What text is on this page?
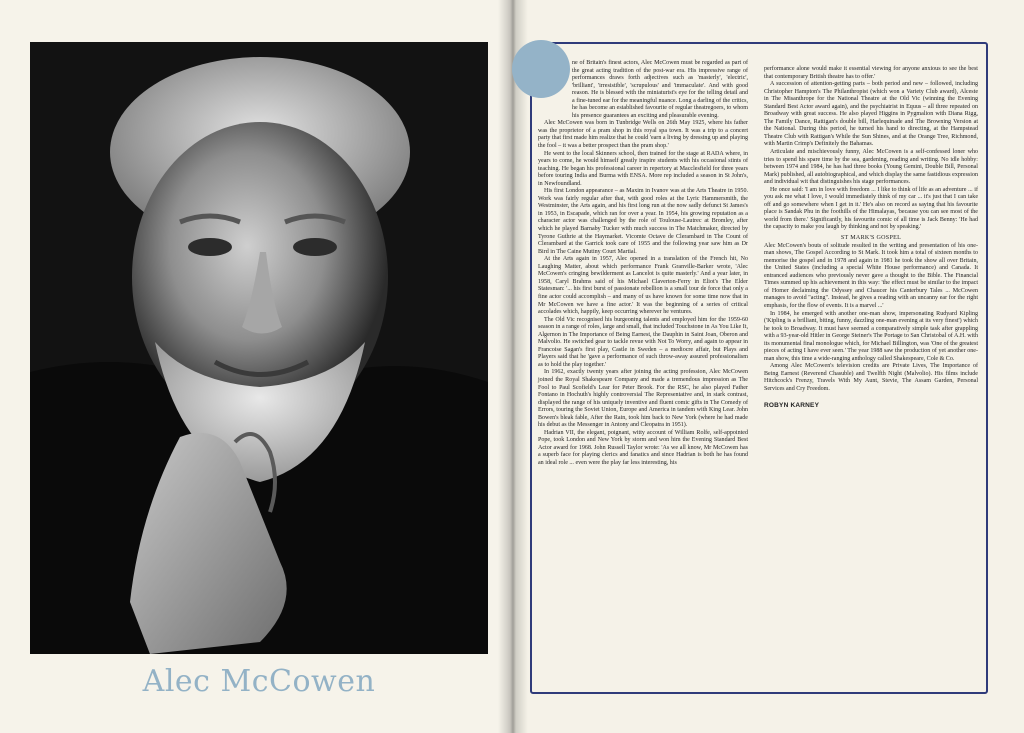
Alec McCowen

ne of Britain's finest actors, Alec McCowen must be regarded as part of the great acting tradition of the post-war era. His impressive range of performances draws forth adjectives such as 'masterly', 'electric', 'brilliant', 'irresistible', 'scrupulous' and 'immaculate'. And with good reason. He is blessed with the miniaturist's eye for the telling detail and a fine-tuned ear for the meaningful nuance. Long a darling of the critics, he has become an established favourite of regular theatregoers, to whom his presence guarantees an exciting and pleasurable evening.

Alec McCowen was born in Tunbridge Wells on 26th May 1925, where his father was the proprietor of a pram shop in this royal spa town. It was a trip to a concert party that first made him realize that he could 'earn a living by dressing up and playing the fool – it was a better prospect than the pram shop.'

He went to the local Skinners school, then trained for the stage at RADA where, in years to come, he would himself greatly inspire students with his occasional stints of teaching. He began his professional career in repertory at Macclesfield for three years before touring India and Burma with ENSA. More rep included a season in St John's, in Newfoundland.

His first London appearance – as Maxim in Ivanov was at the Arts Theatre in 1950. Work was fairly regular after that, with good roles at the Lyric Hammersmith, the Westminster, the Arts again, and his first long run at the now sadly defunct St James's in 1953, in Escapade, which ran for over a year. In 1954, his growing reputation as a character actor was challenged by the role of Toulouse-Lautrec at Bromley, after which he played Barnaby Tucker with much success in The Matchmaker, directed by Tyrone Guthrie at the Haymarket. Vicomte Octave de Clerambard in The Count of Clerambard at the Garrick took care of 1955 and the following year saw him as Dr Bird in The Caine Mutiny Court Martial.

At the Arts again in 1957, Alec opened in a translation of the French hit, No Laughing Matter, about which performance Frank Granville-Barker wrote, 'Alec McCowen's cringing bewilderment as Lancelot is quite masterly.' And a year later, in 1958, Caryl Brahms said of his Michael Claverton-Ferry in Eliot's The Elder Statesman: '... his first burst of passionate rebellion is a small tour de force that only a fine actor could accomplish – and many of us have known for some time now that in Mr McCowen we have a fine actor.' It was the beginning of a series of critical accolades which, happily, keep occurring wherever he ventures.

The Old Vic recognised his burgeoning talents and employed him for the 1959-60 season in a range of roles, large and small, that included Touchstone in As You Like It, Algernon in The Importance of Being Earnest, the Dauphin in Saint Joan, Oberon and Malvolio. He switched gear to tackle revue with Not To Worry, and again to appear in Francoise Sagan's first play, Castle in Sweden – a mediocre affair, but Plays and Players said that he 'gave a performance of such throw-away assured professionalism as to hold the play together.'

In 1962, exactly twenty years after joining the acting profession, Alec McCowen joined the Royal Shakespeare Company and made a tremendous impression as The Fool to Paul Scofield's Lear for Peter Brook. For the RSC, he also played Father Fontano in Hochuth's highly controversial The Representative and, in stark contrast, displayed the range of his uniquely inventive and fluent comic gifts in The Comedy of Errors, touring the Soviet Union, Europe and America in tandem with King Lear. John Bowen's bleak fable, After the Rain, took him back to New York (where he had made his debut as the Messenger in Antony and Cleopatra in 1951).

Hadrian VII, the elegant, poignant, witty account of William Rolfe, self-appointed Pope, took London and New York by storm and won him the Evening Standard Best Actor award for 1968. John Russell Taylor wrote: 'As we all know, Mr McCowen has a superb face for playing clerics and fanatics and since Hadrian is both he has found an ideal role ... even were the play far less interesting, his

performance alone would make it essential viewing for anyone anxious to see the best that contemporary British theatre has to offer.'

A succession of attention-getting parts – both period and new – followed, including Christopher Hampton's The Philanthropist (which won a Variety Club award), Alceste in The Misanthrope for the National Theatre at the Old Vic (winning the Evening Standard Best Actor award again), and the psychiatrist in Equus – all three repeated on Broadway with great success. He also played Higgins in Pygmalion with Diana Rigg, The Family Dance, Rattigan's double bill, Harlequinade and The Browning Version at the National. During this period, he turned his hand to directing, at the Hampstead Theatre Club with Rattigan's While the Sun Shines, and at the Orange Tree, Richmond, with Martin Crimp's Definitely the Bahamas.

Articulate and mischievously funny, Alec McCowen is a self-confessed loner who tries to spend his spare time by the sea, gardening, reading and writing. No idle hobby: between 1974 and 1984, he has had three books (Young Gemini, Double Bill, Personal Mark) published, all autobiographical, and which display the same fastidious expression and individual wit that distinguishes his stage performances.

He once said: 'I am in love with freedom ... I like to think of life as an adventure ... if you ask me what I love, I would immediately think of my car ... it's just that I can take off and go somewhere when I get in it.' He's also on record as saying that his favourite place is Sandak Phu in the foothills of the Himalayas, 'because you can see most of the world from there.' Significantly, his favourite comic of all time is Jack Benny: 'He had the capacity to make you laugh by thinking and not by speaking.'

ST MARK'S GOSPEL

Alec McCowen's bouts of solitude resulted in the writing and presentation of his one-man shows, The Gospel According to St Mark. It took him a total of sixteen months to memorise the gospel and in 1978 and again in 1981 he took the show all over Britain, the United States (including a special White House performance) and Canada. It entranced audiences who previously never gave a thought to the Bible. The Financial Times summed up his achievement in this way: 'the effect must be similar to the impact of Homer declaiming the Odyssey and Chaucer his Canterbury Tales ... McCowen manages to avoid "acting". Instead, he gives a reading with an uncanny ear for the right emphasis, for the flow of events. It is a marvel ...'

In 1984, he emerged with another one-man show, impersonating Rudyard Kipling ('Kipling is a brilliant, biting, funny, dazzling one-man evening at its very finest') which he took to Broadway. It must have seemed a comparatively simple task after grappling with a 93-year-old Hitler in George Steiner's The Portage to San Christobal of A.H. with its monumental final monologue which, for Michael Billington, was 'One of the greatest pieces of acting I have ever seen.' The year 1988 saw the production of yet another one-man show, this time a wide-ranging anthology called Shakespeare, Cole & Co.

Among Alec McCowen's television credits are Private Lives, The Importance of Being Earnest (Reverend Chasuble) and Twelfth Night (Malvolio). His films include Hitchcock's Frenzy, Travels With My Aunt, Stevie, The Assam Garden, Personal Services and Cry Freedom.

ROBYN KARNEY
